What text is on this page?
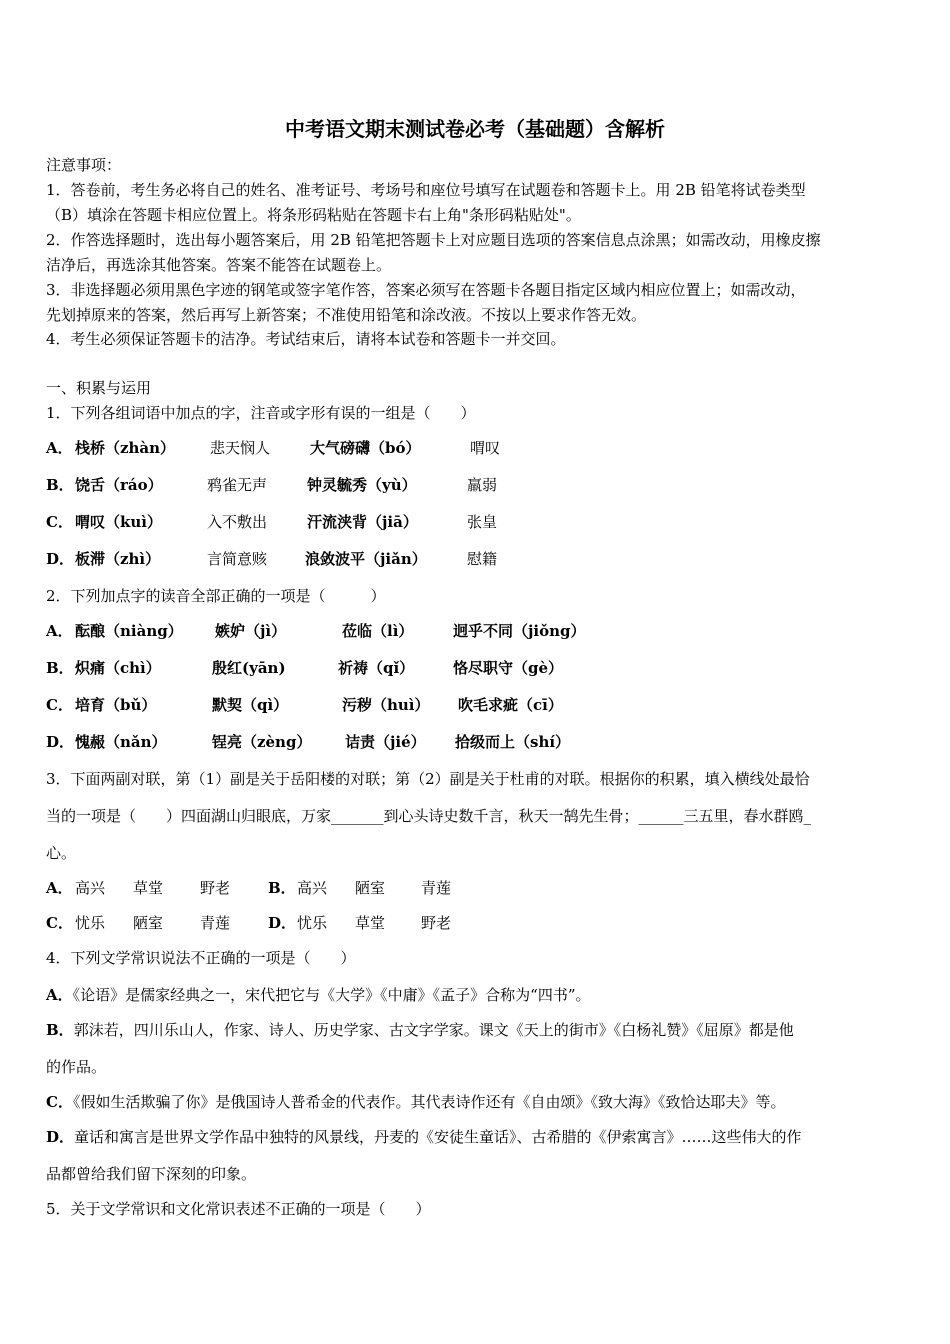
中考语文期末测试卷必考（基础题）含解析
注意事项：
1．答卷前，考生务必将自己的姓名、准考证号、考场号和座位号填写在试题卷和答题卡上。用 2B 铅笔将试卷类型
（B）填涂在答题卡相应位置上。将条形码粘贴在答题卡右上角"条形码粘贴处"。
2．作答选择题时，选出每小题答案后，用 2B 铅笔把答题卡上对应题目选项的答案信息点涂黑；如需改动，用橡皮擦
洁净后，再选涂其他答案。答案不能答在试题卷上。
3．非选择题必须用黑色字迹的钢笔或签字笔作答，答案必须写在答题卡各题目指定区域内相应位置上；如需改动，
先划掉原来的答案，然后再写上新答案；不准使用铅笔和涂改液。不按以上要求作答无效。
4．考生必须保证答题卡的洁净。考试结束后，请将本试卷和答题卡一并交回。
一、积累与运用
1．下列各组词语中加点的字，注音或字形有误的一组是（　　）
A． 栈桥（zhàn） 悲天悯人	大气磅礴（bó）	喟叹
B． 饶舌（ráo）	鸦雀无声	钟灵毓秀（yù）	羸弱
C． 喟叹（kuì）	入不敷出	汗流浃背（jiā）	张皇
D． 板滞（zhì）	言简意赅	浪敛波平（jiǎn）	慰籍
2．下列加点字的读音全部正确的一项是（　　　）
A． 酝酿（niàng） 嫉妒（jì）	莅临（lì）	迥乎不同（jiǒng）
B． 炽痛（chì）	殷红(yān)	祈祷（qǐ）	恪尽职守（gè）
C． 培育（bǔ）	默契（qì）	污秽（huì） 吹毛求疵（cī）
D． 愧赧（nǎn）	锃亮（zèng） 诘责（jié） 拾级而上（shí）
3．下面两副对联，第（1）副是关于岳阳楼的对联；第（2）副是关于杜甫的对联。根据你的积累，填入横线处最恰
当的一项是（　　）四面湖山归眼底，万家_______到心头诗史数千言，秋天一鹄先生骨；______三五里，春水群鸥_
心。
A． 高兴 草堂 野老	B． 高兴 陋室 青莲
C． 忧乐 陋室 青莲	D． 忧乐 草堂 野老
4．下列文学常识说法不正确的一项是（　　）
A．《论语》是儒家经典之一，宋代把它与《大学》《中庸》《孟子》合称为“四书”。
B．郭沫若，四川乐山人，作家、诗人、历史学家、古文字学家。课文《天上的街市》《白杨礼赞》《屈原》都是他
的作品。
C．《假如生活欺骗了你》是俄国诗人普希金的代表作。其代表诗作还有《自由颂》《致大海》《致恰达耶夫》等。
D．童话和寓言是世界文学作品中独特的风景线，丹麦的《安徒生童话》、古希腊的《伊索寓言》……这些伟大的作
品都曾给我们留下深刻的印象。
5．关于文学常识和文化常识表述不正确的一项是（　　）
